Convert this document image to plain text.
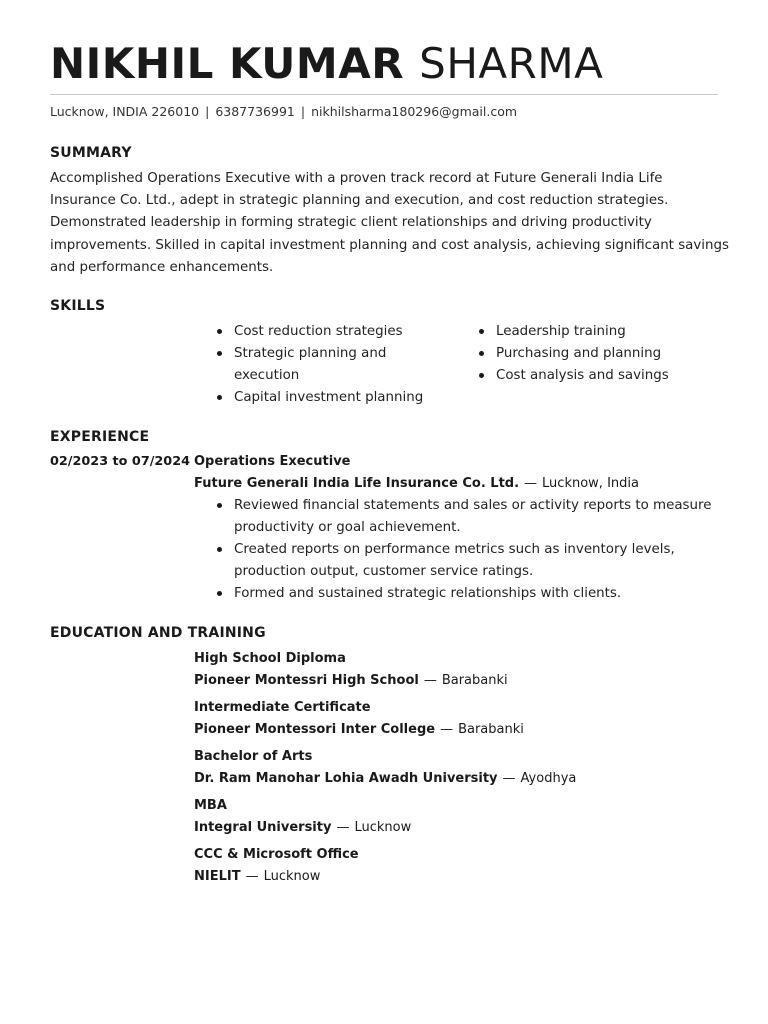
NIKHIL KUMAR SHARMA
Lucknow, INDIA 226010 | 6387736991 | nikhilsharma180296@gmail.com
SUMMARY

Accomplished Operations Executive with a proven track record at Future Generali India Life Insurance Co. Ltd., adept in strategic planning and execution, and cost reduction strategies. Demonstrated leadership in forming strategic client relationships and driving productivity improvements. Skilled in capital investment planning and cost analysis, achieving significant savings and performance enhancements.

SKILLS
Cost reduction strategies
Strategic planning and execution
Capital investment planning
Leadership training
Purchasing and planning
Cost analysis and savings
EXPERIENCE
02/2023 to 07/2024 Operations Executive
Future Generali India Life Insurance Co. Ltd. — Lucknow, India
Reviewed financial statements and sales or activity reports to measure productivity or goal achievement.
Created reports on performance metrics such as inventory levels, production output, customer service ratings.
Formed and sustained strategic relationships with clients.
EDUCATION AND TRAINING
High School Diploma
Pioneer Montessri High School — Barabanki
Intermediate Certificate
Pioneer Montessori Inter College — Barabanki
Bachelor of Arts
Dr. Ram Manohar Lohia Awadh University — Ayodhya
MBA
Integral University — Lucknow
CCC & Microsoft Office
NIELIT — Lucknow
